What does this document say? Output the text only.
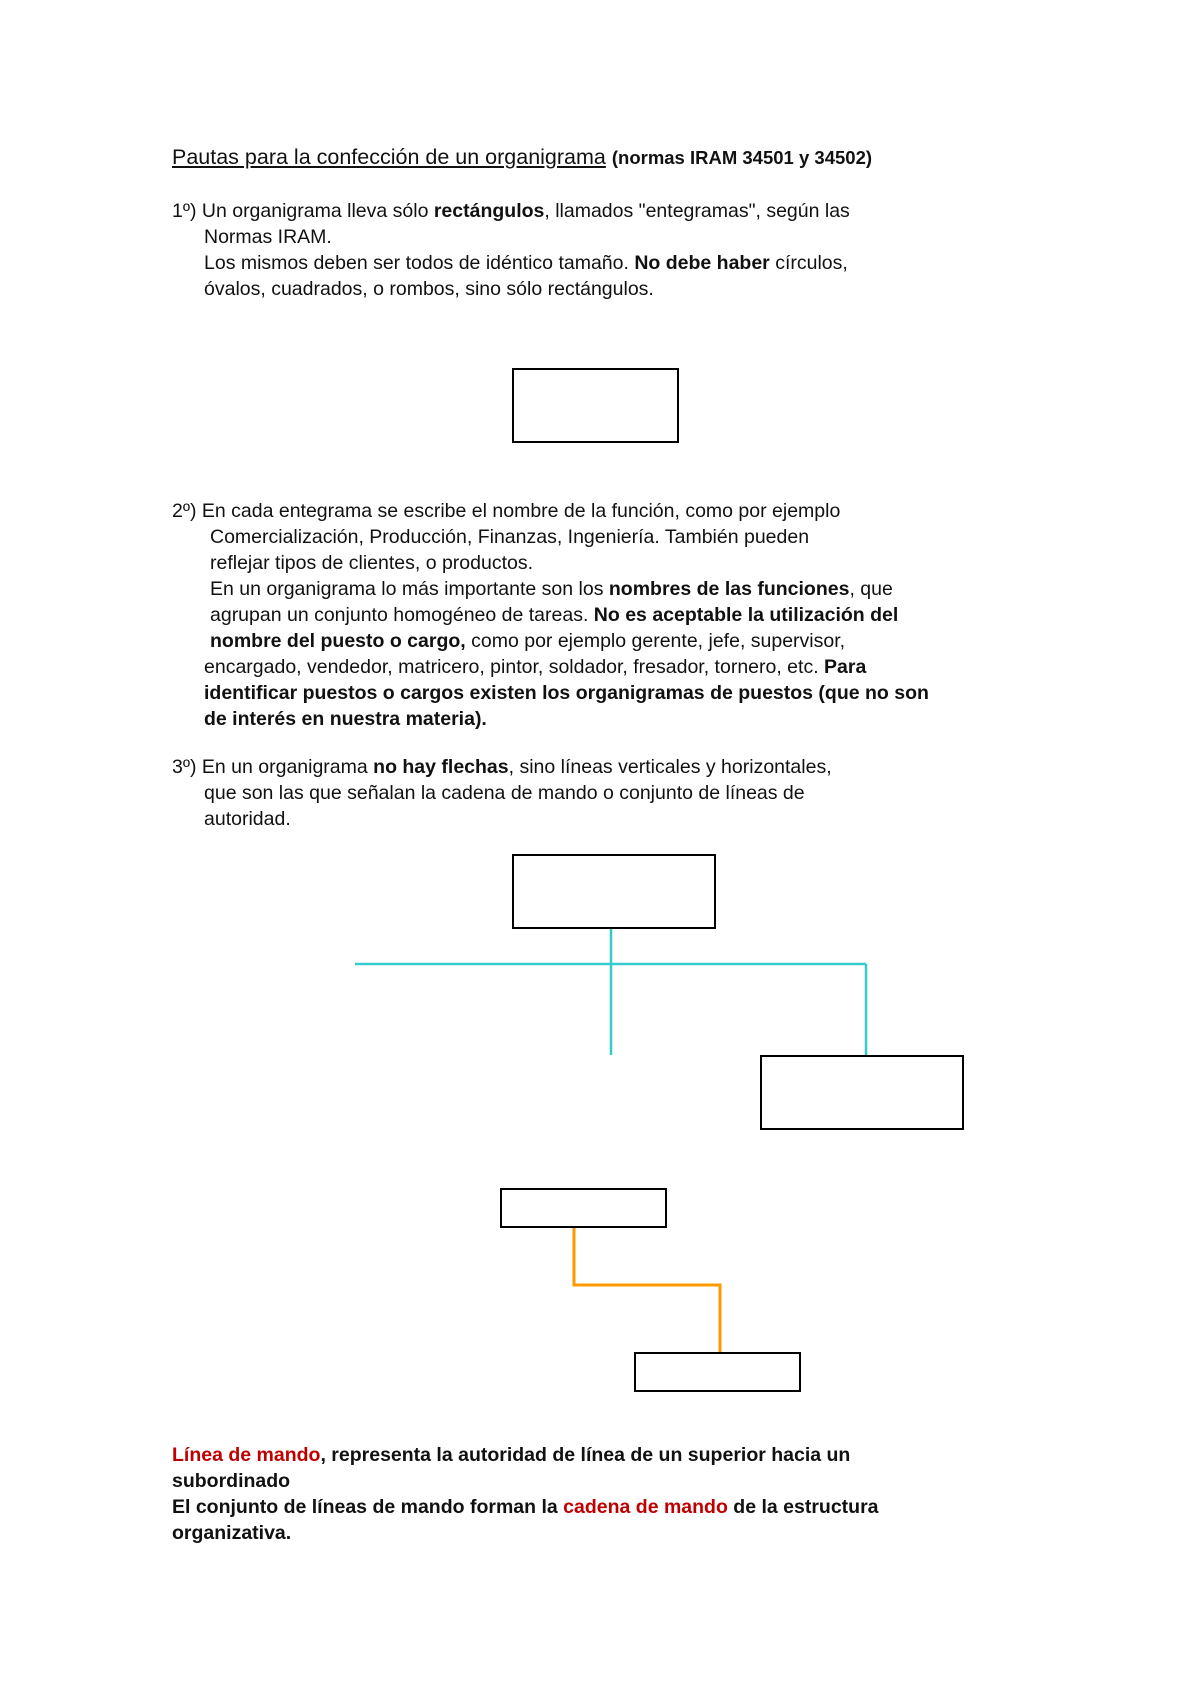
Pautas para la confección de un organigrama (normas IRAM 34501 y 34502)
1º) Un organigrama lleva sólo rectángulos, llamados "entegramas", según las
Normas IRAM.
Los mismos deben ser todos de idéntico tamaño. No debe haber círculos,
óvalos, cuadrados, o rombos, sino sólo rectángulos.
2º) En cada entegrama se escribe el nombre de la función, como por ejemplo
Comercialización, Producción, Finanzas, Ingeniería. También pueden
reflejar tipos de clientes, o productos.
En un organigrama lo más importante son los nombres de las funciones, que
agrupan un conjunto homogéneo de tareas. No es aceptable la utilización del
nombre del puesto o cargo, como por ejemplo gerente, jefe, supervisor,
encargado, vendedor, matricero, pintor, soldador, fresador, tornero, etc. Para
identificar puestos o cargos existen los organigramas de puestos (que no son
de interés en nuestra materia).
3º) En un organigrama no hay flechas, sino líneas verticales y horizontales,
que son las que señalan la cadena de mando o conjunto de líneas de
autoridad.
Línea de mando, representa la autoridad de línea de un superior hacia un
subordinado
El conjunto de líneas de mando forman la cadena de mando de la estructura
organizativa.
